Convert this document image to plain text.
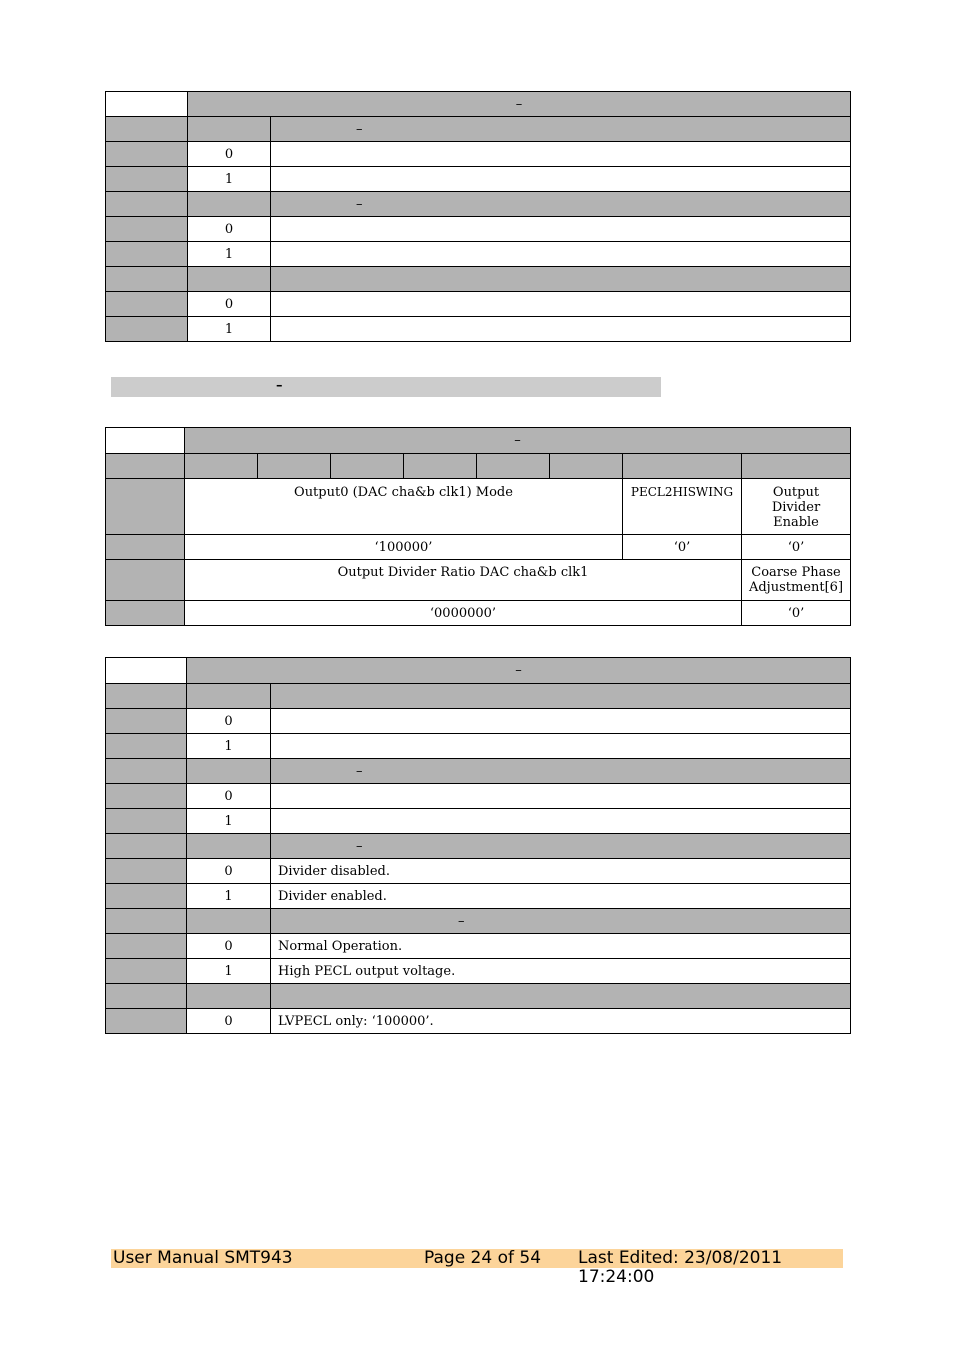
	–	
		–
	0	
	1	
		–
	0	
	1	

	0	
	1	
–
	–							

	Output0 (DAC cha&b clk1) Mode						PECL2HISWING	Output Divider Enable
	‘100000’						‘0’	‘0’
	Output Divider Ratio DAC cha&b clk1							Coarse Phase Adjustment[6]
	‘0000000’							‘0’
	–	

	0	
	1	
		–
	0	
	1	
		–
	0	Divider disabled.
	1	Divider enabled.
		–
	0	Normal Operation.
	1	High PECL output voltage.

	0	LVPECL only: ‘100000’.
User Manual SMT943	Page 24 of 54 Last Edited: 23/08/2011 17:24:00
